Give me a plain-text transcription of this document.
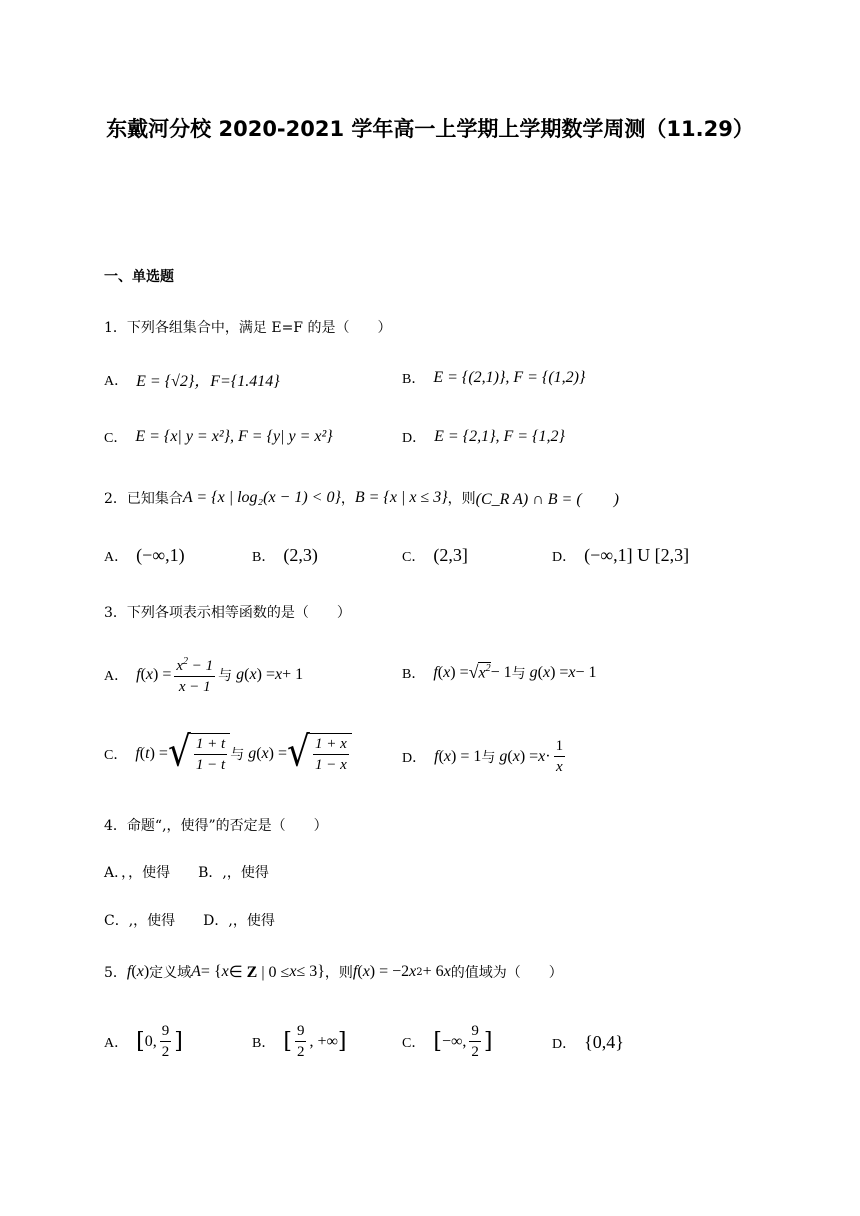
东戴河分校 2020-2021 学年高一上学期上学期数学周测（11.29）
一、单选题
1．下列各组集合中，满足 E=F 的是（　　）
A． E = {√2}，F={1.414}	B． E = {(2,1)}, F = {(1,2)}
C． E = {x| y = x²}, F = {y| y = x²}	D． E = {2,1}, F = {1,2}
2．已知集合 A = {x | log₂(x − 1) < 0} ， B = {x | x ≤ 3} ，则 (C_R A) ∩ B = (　　)
A． (−∞,1)	B． (2,3)	C． (2,3]	D． (−∞,1] U [2,3]
3．下列各项表示相等函数的是（　　）
A． f ( x ) = $\frac{x^2 - 1}{x - 1}$ 与 g ( x ) = x + 1	B． f ( x ) = √ $x^2 - 1$ 与 g ( x ) = x − 1
C． f ( t ) = √ $\frac{1 + t}{1 - t}$ 与 g ( x ) = √ $\frac{1 + x}{1 - x}$	D． f ( x ) = 1 与 g ( x ) = $x \cdot \frac{1}{x}$
4．命题“,，使得”的否定是（　　）
A．，，使得　　B．,，使得
C．,，使得　　D．,，使得
5． f ( x ) 定义域 A = { x ∈ Z | 0 ≤ x ≤ 3} ，则 f ( x ) = −2 x 2 + 6 x 的值域为（　　）
A． [ 0, $\frac{9}{2}$ ]	B． [ $\frac{9}{2}$ , +∞ ]	C． [ −∞, $\frac{9}{2}$ ]	D． {0,4}
